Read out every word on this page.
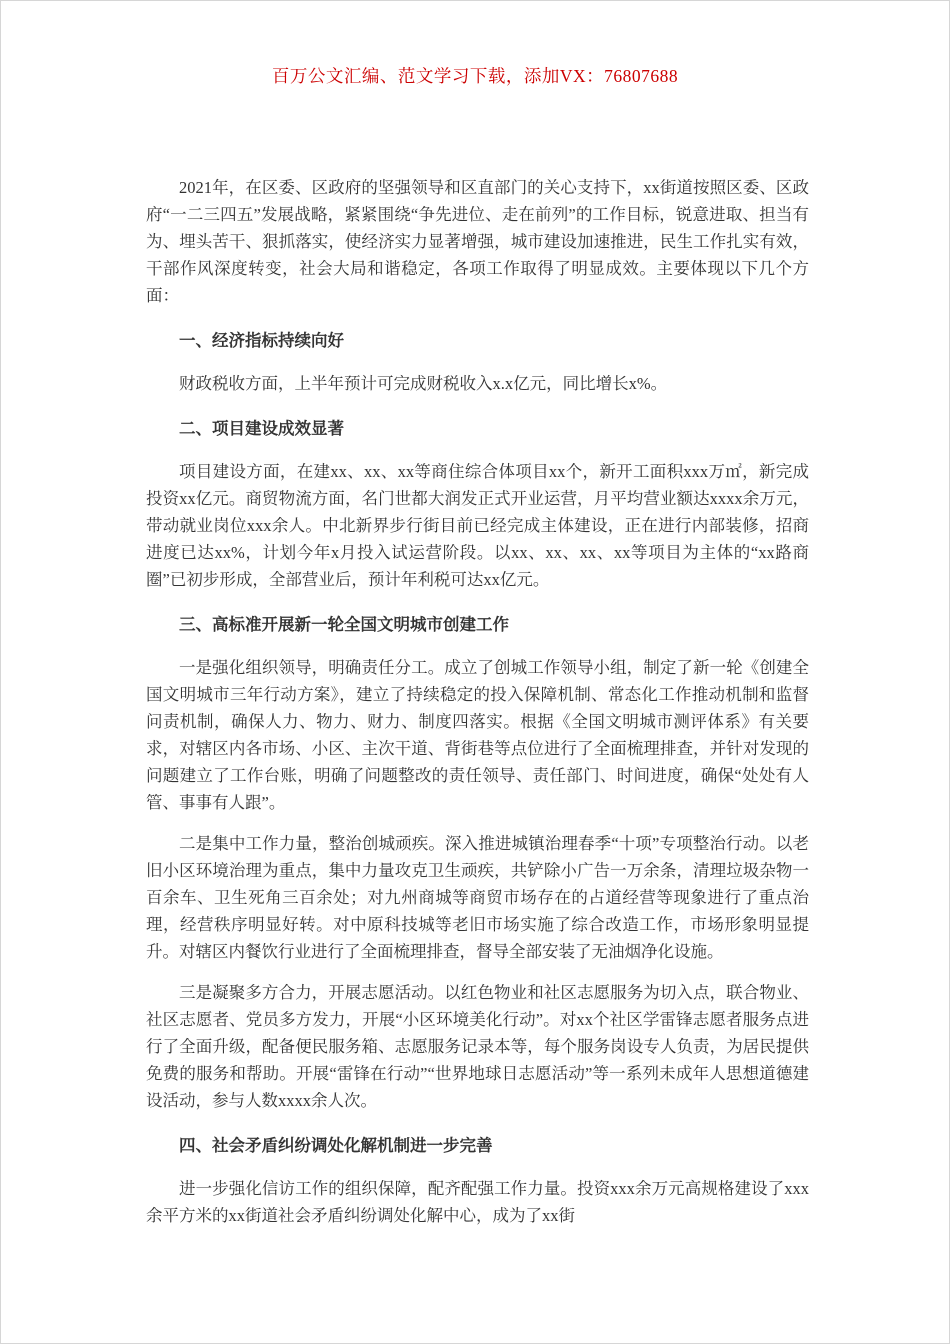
百万公文汇编、范文学习下载，添加VX：76807688

2021年，在区委、区政府的坚强领导和区直部门的关心支持下，xx街道按照区委、区政府“一二三四五”发展战略，紧紧围绕“争先进位、走在前列”的工作目标，锐意进取、担当有为、埋头苦干、狠抓落实，使经济实力显著增强，城市建设加速推进，民生工作扎实有效，干部作风深度转变，社会大局和谐稳定，各项工作取得了明显成效。主要体现以下几个方面：

一、经济指标持续向好

财政税收方面，上半年预计可完成财税收入x.x亿元，同比增长x%。

二、项目建设成效显著

项目建设方面，在建xx、xx、xx等商住综合体项目xx个，新开工面积xxx万㎡，新完成投资xx亿元。商贸物流方面，名门世都大润发正式开业运营，月平均营业额达xxxx余万元，带动就业岗位xxx余人。中北新界步行街目前已经完成主体建设，正在进行内部装修，招商进度已达xx%，计划今年x月投入试运营阶段。以xx、xx、xx、xx等项目为主体的“xx路商圈”已初步形成，全部营业后，预计年利税可达xx亿元。

三、高标准开展新一轮全国文明城市创建工作

一是强化组织领导，明确责任分工。成立了创城工作领导小组，制定了新一轮《创建全国文明城市三年行动方案》，建立了持续稳定的投入保障机制、常态化工作推动机制和监督问责机制，确保人力、物力、财力、制度四落实。根据《全国文明城市测评体系》有关要求，对辖区内各市场、小区、主次干道、背街巷等点位进行了全面梳理排查，并针对发现的问题建立了工作台账，明确了问题整改的责任领导、责任部门、时间进度，确保“处处有人管、事事有人跟”。

二是集中工作力量，整治创城顽疾。深入推进城镇治理春季“十项”专项整治行动。以老旧小区环境治理为重点，集中力量攻克卫生顽疾，共铲除小广告一万余条，清理垃圾杂物一百余车、卫生死角三百余处；对九州商城等商贸市场存在的占道经营等现象进行了重点治理，经营秩序明显好转。对中原科技城等老旧市场实施了综合改造工作，市场形象明显提升。对辖区内餐饮行业进行了全面梳理排查，督导全部安装了无油烟净化设施。

三是凝聚多方合力，开展志愿活动。以红色物业和社区志愿服务为切入点，联合物业、社区志愿者、党员多方发力，开展“小区环境美化行动”。对xx个社区学雷锋志愿者服务点进行了全面升级，配备便民服务箱、志愿服务记录本等，每个服务岗设专人负责，为居民提供免费的服务和帮助。开展“雷锋在行动”“世界地球日志愿活动”等一系列未成年人思想道德建设活动，参与人数xxxx余人次。

四、社会矛盾纠纷调处化解机制进一步完善

进一步强化信访工作的组织保障，配齐配强工作力量。投资xxx余万元高规格建设了xxx余平方米的xx街道社会矛盾纠纷调处化解中心，成为了xx街
